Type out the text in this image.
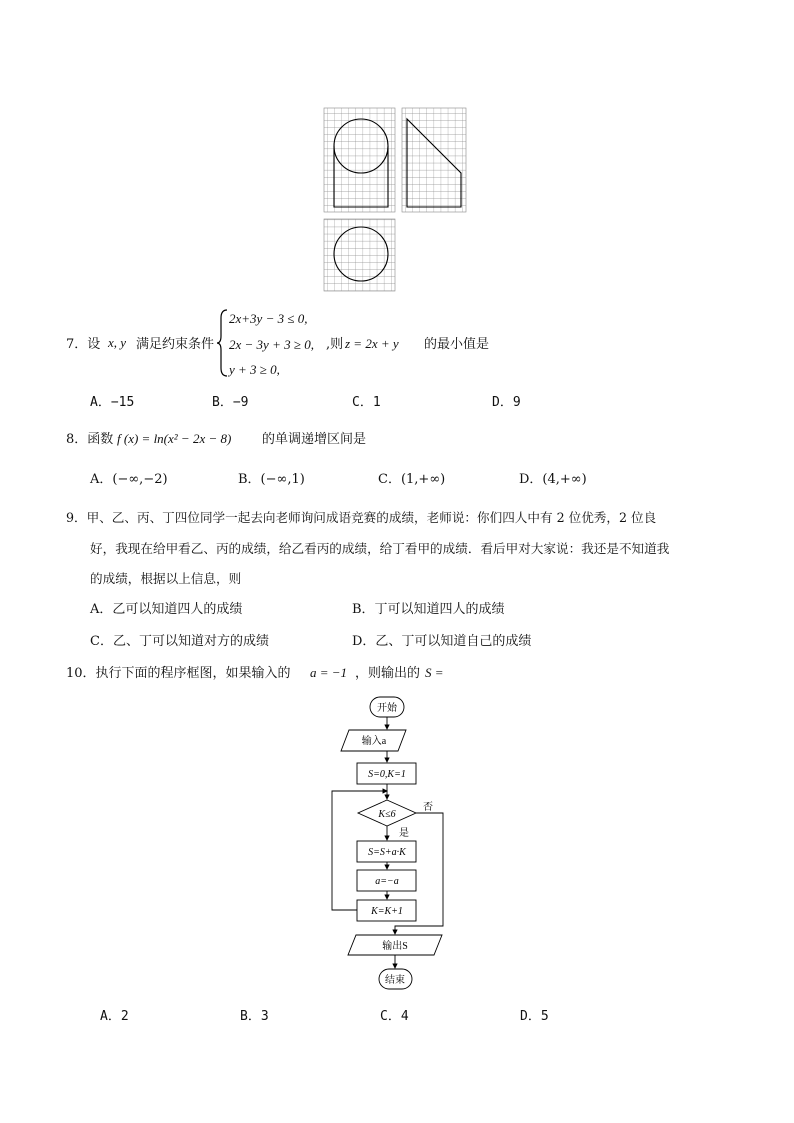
7．设 x, y 满足约束条件
2x+3y − 3 ≤ 0,
2x − 3y + 3 ≥ 0,
y + 3 ≥ 0,
,则 z = 2x + y 的最小值是
A．−15	B．−9	C．1	D．9
8．函数 f (x) = ln(x² − 2x − 8) 的单调递增区间是
A．(−∞,−2)	B．(−∞,1)	C．(1,+∞)	D．(4,+∞)
9．甲、乙、丙、丁四位同学一起去向老师询问成语竞赛的成绩，老师说：你们四人中有 2 位优秀，2 位良
好，我现在给甲看乙、丙的成绩，给乙看丙的成绩，给丁看甲的成绩．看后甲对大家说：我还是不知道我
的成绩，根据以上信息，则
A．乙可以知道四人的成绩	B．丁可以知道四人的成绩
C．乙、丁可以知道对方的成绩	D．乙、丁可以知道自己的成绩
10．执行下面的程序框图，如果输入的 a = −1 ，则输出的 S =
开始
输入a
S=0,K=1
K≤6
是
否
S=S+a·K
a=−a
K=K+1
输出S
结束
A．2	B．3	C．4	D．5
